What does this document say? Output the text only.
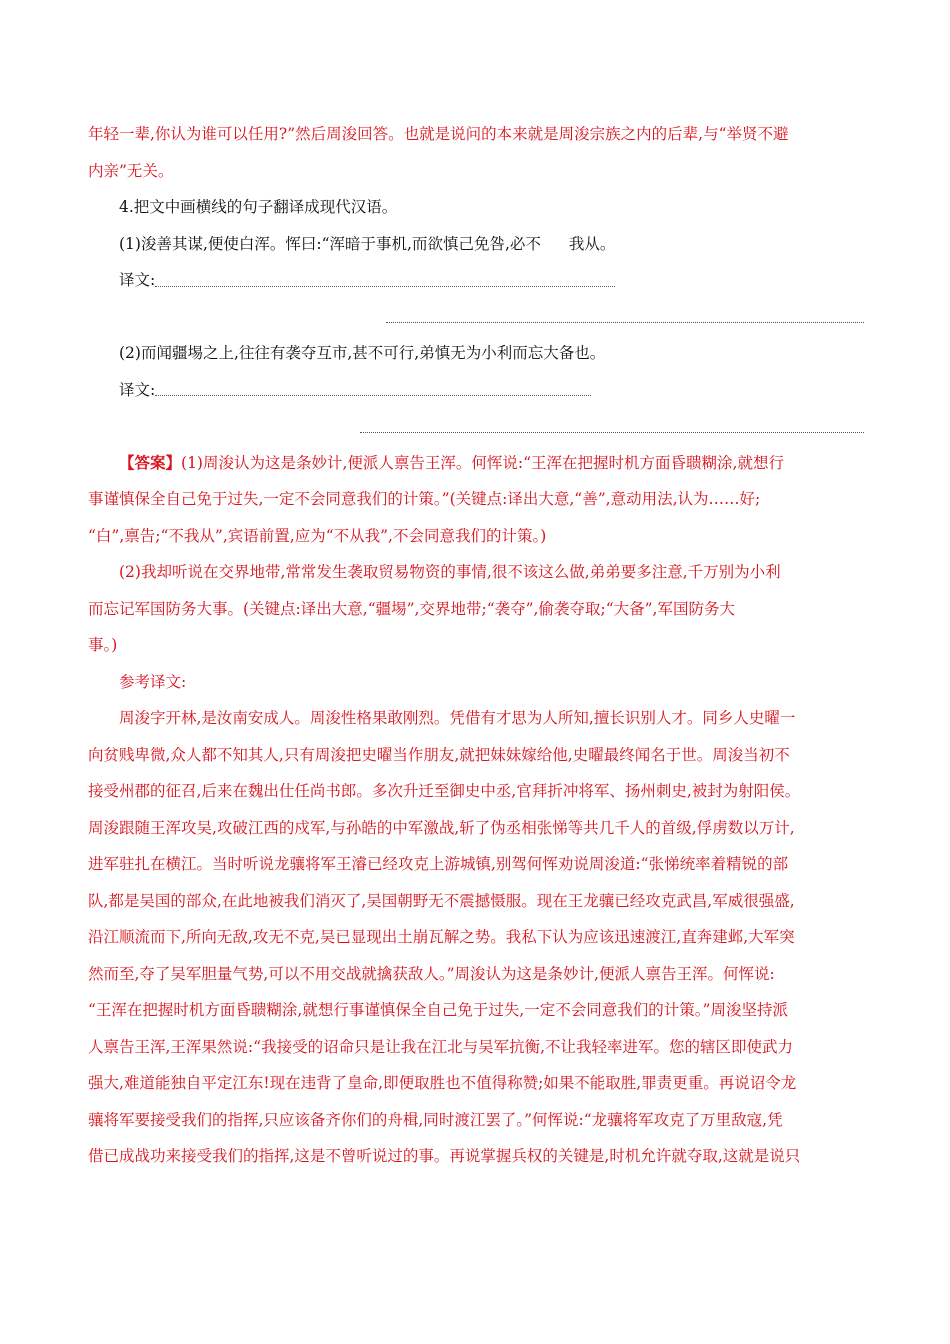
年轻一辈,你认为谁可以任用?”然后周浚回答。也就是说问的本来就是周浚宗族之内的后辈,与“举贤不避

内亲”无关。

4.把文中画横线的句子翻译成现代汉语。

(1)浚善其谋,便使白浑。恽曰:“浑暗于事机,而欲慎己免咎,必不 我从。

译文:

(2)而闻疆埸之上,往往有袭夺互市,甚不可行,弟慎无为小利而忘大备也。

译文:

【答案】(1)周浚认为这是条妙计,便派人禀告王浑。何恽说:“王浑在把握时机方面昏聩糊涂,就想行

事谨慎保全自己免于过失,一定不会同意我们的计策。”(关键点:译出大意,“善”,意动用法,认为……好;

“白”,禀告;“不我从”,宾语前置,应为“不从我”,不会同意我们的计策。)

(2)我却听说在交界地带,常常发生袭取贸易物资的事情,很不该这么做,弟弟要多注意,千万别为小利

而忘记军国防务大事。(关键点:译出大意,“疆埸”,交界地带;“袭夺”,偷袭夺取;“大备”,军国防务大

事。)

参考译文:

周浚字开林,是汝南安成人。周浚性格果敢刚烈。凭借有才思为人所知,擅长识别人才。同乡人史曜一

向贫贱卑微,众人都不知其人,只有周浚把史曜当作朋友,就把妹妹嫁给他,史曜最终闻名于世。周浚当初不

接受州郡的征召,后来在魏出仕任尚书郎。多次升迁至御史中丞,官拜折冲将军、扬州刺史,被封为射阳侯。

周浚跟随王浑攻吴,攻破江西的戍军,与孙皓的中军激战,斩了伪丞相张悌等共几千人的首级,俘虏数以万计,

进军驻扎在横江。当时听说龙骧将军王濬已经攻克上游城镇,别驾何恽劝说周浚道:“张悌统率着精锐的部

队,都是吴国的部众,在此地被我们消灭了,吴国朝野无不震撼慑服。现在王龙骧已经攻克武昌,军威很强盛,

沿江顺流而下,所向无敌,攻无不克,吴已显现出土崩瓦解之势。我私下认为应该迅速渡江,直奔建邺,大军突

然而至,夺了吴军胆量气势,可以不用交战就擒获敌人。”周浚认为这是条妙计,便派人禀告王浑。何恽说:

“王浑在把握时机方面昏聩糊涂,就想行事谨慎保全自己免于过失,一定不会同意我们的计策。”周浚坚持派

人禀告王浑,王浑果然说:“我接受的诏命只是让我在江北与吴军抗衡,不让我轻率进军。您的辖区即使武力

强大,难道能独自平定江东!现在违背了皇命,即便取胜也不值得称赞;如果不能取胜,罪责更重。再说诏令龙

骧将军要接受我们的指挥,只应该备齐你们的舟楫,同时渡江罢了。”何恽说:“龙骧将军攻克了万里敌寇,凭

借已成战功来接受我们的指挥,这是不曾听说过的事。再说掌握兵权的关键是,时机允许就夺取,这就是说只
